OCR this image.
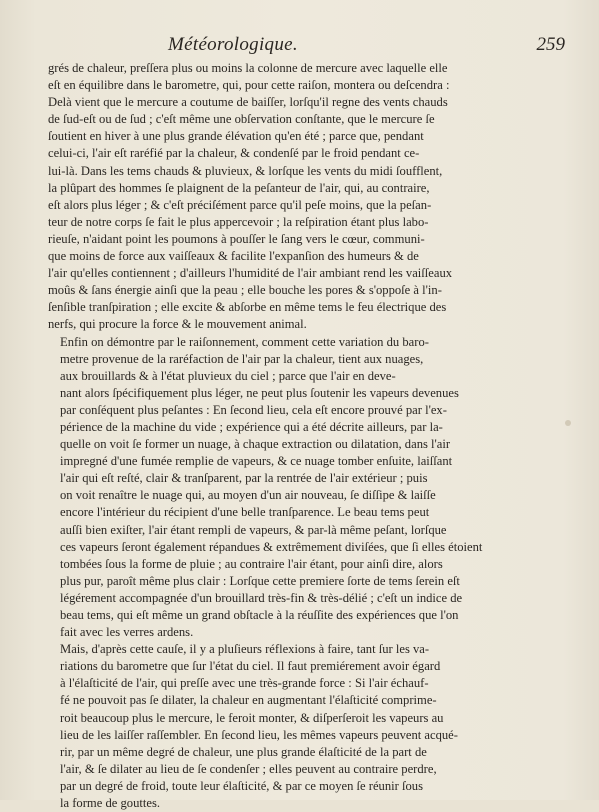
Météorologique.	259

grés de chaleur, preſſera plus ou moins la colonne de mercure avec laquelle elle
eſt en équilibre dans le barometre, qui, pour cette raiſon, montera ou deſcendra :
Delà vient que le mercure a coutume de baiſſer, lorſqu'il regne des vents chauds
de ſud-eſt ou de ſud ; c'eſt même une obſervation conſtante, que le mercure ſe
ſoutient en hiver à une plus grande élévation qu'en été ; parce que, pendant
celui-ci, l'air eſt raréfié par la chaleur, & condenſé par le froid pendant ce-
lui-là. Dans les tems chauds & pluvieux, & lorſque les vents du midi ſoufflent,
la plûpart des hommes ſe plaignent de la peſanteur de l'air, qui, au contraire,
eſt alors plus léger ; & c'eſt préciſément parce qu'il peſe moins, que la peſan-
teur de notre corps ſe fait le plus appercevoir ; la reſpiration étant plus labo-
rieuſe, n'aidant point les poumons à pouſſer le ſang vers le cœur, communi-
que moins de force aux vaiſſeaux & facilite l'expanſion des humeurs & de
l'air qu'elles contiennent ; d'ailleurs l'humidité de l'air ambiant rend les vaiſſeaux
moûs & ſans énergie ainſi que la peau ; elle bouche les pores & s'oppoſe à l'in-
ſenſible tranſpiration ; elle excite & abſorbe en même tems le feu électrique des
nerfs, qui procure la force & le mouvement animal.

Enfin on démontre par le raiſonnement, comment cette variation du baro-
metre provenue de la raréfaction de l'air par la chaleur, tient aux nuages,
aux brouillards & à l'état pluvieux du ciel ; parce que l'air en deve-
nant alors ſpécifiquement plus léger, ne peut plus ſoutenir les vapeurs devenues
par conſéquent plus peſantes : En ſecond lieu, cela eſt encore prouvé par l'ex-
périence de la machine du vide ; expérience qui a été décrite ailleurs, par la-
quelle on voit ſe former un nuage, à chaque extraction ou dilatation, dans l'air
impregné d'une fumée remplie de vapeurs, & ce nuage tomber enſuite, laiſſant
l'air qui eſt reſté, clair & tranſparent, par la rentrée de l'air extérieur ; puis
on voit renaître le nuage qui, au moyen d'un air nouveau, ſe diſſipe & laiſſe
encore l'intérieur du récipient d'une belle tranſparence. Le beau tems peut
auſſi bien exiſter, l'air étant rempli de vapeurs, & par-là même peſant, lorſque
ces vapeurs ſeront également répandues & extrêmement diviſées, que ſi elles étoient
tombées ſous la forme de pluie ; au contraire l'air étant, pour ainſi dire, alors
plus pur, paroît même plus clair : Lorſque cette premiere ſorte de tems ſerein eſt
légérement accompagnée d'un brouillard très-fin & très-délié ; c'eſt un indice de
beau tems, qui eſt même un grand obſtacle à la réuſſite des expériences que l'on
fait avec les verres ardens.

Mais, d'après cette cauſe, il y a pluſieurs réflexions à faire, tant ſur les va-
riations du barometre que ſur l'état du ciel. Il faut premiérement avoir égard
à l'élaſticité de l'air, qui preſſe avec une très-grande force : Si l'air échauf-
fé ne pouvoit pas ſe dilater, la chaleur en augmentant l'élaſticité comprime-
roit beaucoup plus le mercure, le feroit monter, & diſperſeroit les vapeurs au
lieu de les laiſſer raſſembler. En ſecond lieu, les mêmes vapeurs peuvent acqué-
rir, par un même degré de chaleur, une plus grande élaſticité de la part de
l'air, & ſe dilater au lieu de ſe condenſer ; elles peuvent au contraire perdre,
par un degré de froid, toute leur élaſticité, & par ce moyen ſe réunir ſous
la forme de gouttes.
